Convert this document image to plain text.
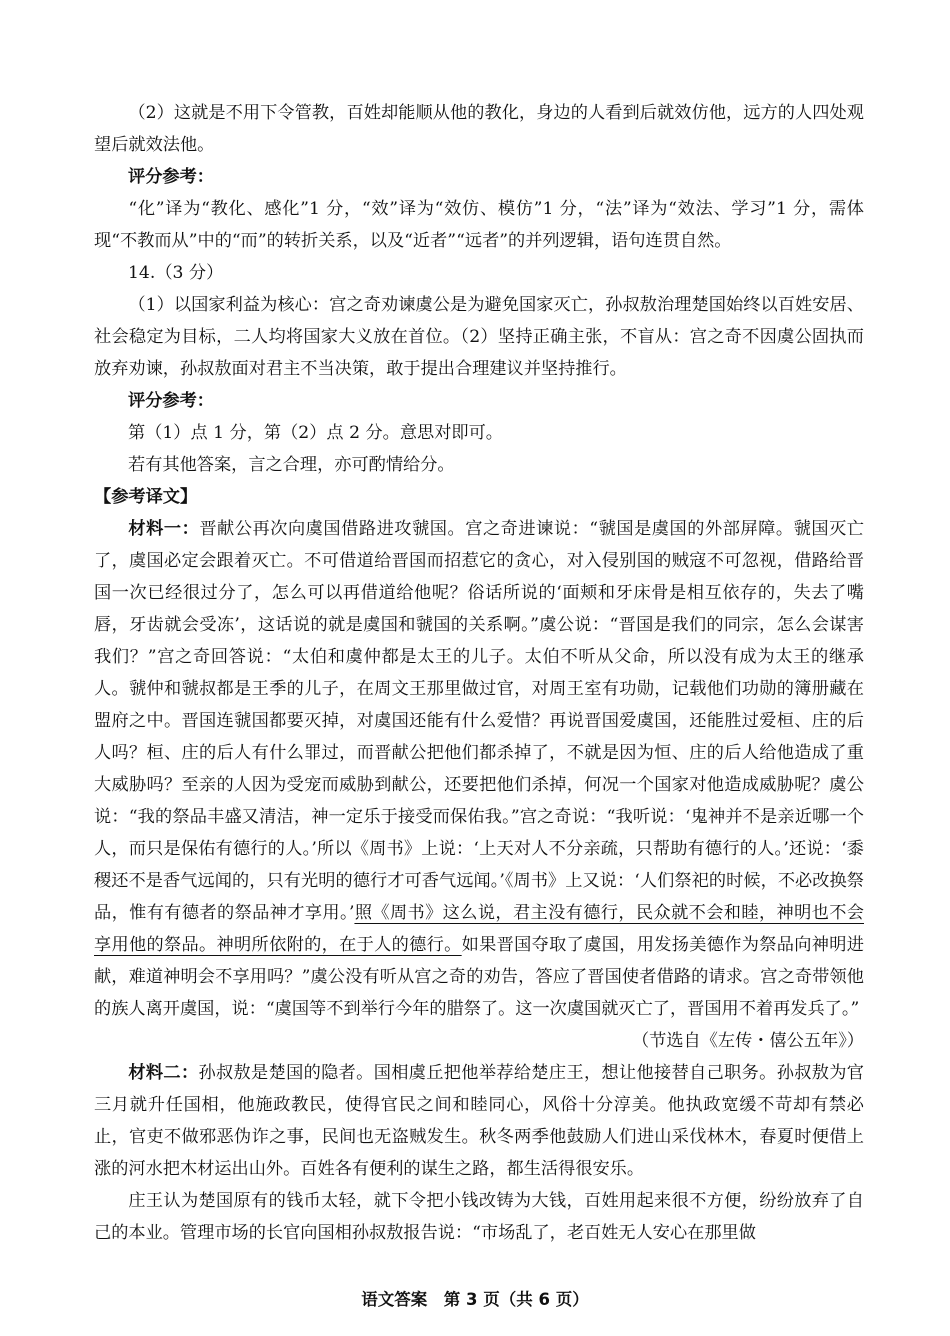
（2）这就是不用下令管教，百姓却能顺从他的教化，身边的人看到后就效仿他，远方的人四处观望后就效法他。

评分参考：

“化”译为“教化、感化”1 分，“效”译为“效仿、模仿”1 分，“法”译为“效法、学习”1 分，需体现“不教而从”中的“而”的转折关系，以及“近者”“远者”的并列逻辑，语句连贯自然。

14.（3 分）

（1）以国家利益为核心：宫之奇劝谏虞公是为避免国家灭亡，孙叔敖治理楚国始终以百姓安居、社会稳定为目标，二人均将国家大义放在首位。（2）坚持正确主张，不盲从：宫之奇不因虞公固执而放弃劝谏，孙叔敖面对君主不当决策，敢于提出合理建议并坚持推行。

评分参考：

第（1）点 1 分，第（2）点 2 分。意思对即可。

若有其他答案，言之合理，亦可酌情给分。

【参考译文】

材料一：晋献公再次向虞国借路进攻虢国。宫之奇进谏说：“虢国是虞国的外部屏障。虢国灭亡了，虞国必定会跟着灭亡。不可借道给晋国而招惹它的贪心，对入侵别国的贼寇不可忽视，借路给晋国一次已经很过分了，怎么可以再借道给他呢？俗话所说的‘面颊和牙床骨是相互依存的，失去了嘴唇，牙齿就会受冻’，这话说的就是虞国和虢国的关系啊。”虞公说：“晋国是我们的同宗，怎么会谋害我们？”宫之奇回答说：“太伯和虞仲都是太王的儿子。太伯不听从父命，所以没有成为太王的继承人。虢仲和虢叔都是王季的儿子，在周文王那里做过官，对周王室有功勋，记载他们功勋的簿册藏在盟府之中。晋国连虢国都要灭掉，对虞国还能有什么爱惜？再说晋国爱虞国，还能胜过爱桓、庄的后人吗？桓、庄的后人有什么罪过，而晋献公把他们都杀掉了，不就是因为恒、庄的后人给他造成了重大威胁吗？至亲的人因为受宠而威胁到献公，还要把他们杀掉，何况一个国家对他造成威胁呢？虞公说：“我的祭品丰盛又清洁，神一定乐于接受而保佑我。”宫之奇说：“我听说：‘鬼神并不是亲近哪一个人，而只是保佑有德行的人。’所以《周书》上说：‘上天对人不分亲疏，只帮助有德行的人。’还说：‘黍稷还不是香气远闻的，只有光明的德行才可香气远闻。’《周书》上又说：‘人们祭祀的时候，不必改换祭品，惟有有德者的祭品神才享用。’照《周书》这么说，君主没有德行，民众就不会和睦，神明也不会享用他的祭品。神明所依附的，在于人的德行。如果晋国夺取了虞国，用发扬美德作为祭品向神明进献，难道神明会不享用吗？”虞公没有听从宫之奇的劝告，答应了晋国使者借路的请求。宫之奇带领他的族人离开虞国，说：“虞国等不到举行今年的腊祭了。这一次虞国就灭亡了，晋国用不着再发兵了。”

（节选自《左传・僖公五年》）

材料二：孙叔敖是楚国的隐者。国相虞丘把他举荐给楚庄王，想让他接替自己职务。孙叔敖为官三月就升任国相，他施政教民，使得官民之间和睦同心，风俗十分淳美。他执政宽缓不苛却有禁必止，官吏不做邪恶伪诈之事，民间也无盗贼发生。秋冬两季他鼓励人们进山采伐林木，春夏时便借上涨的河水把木材运出山外。百姓各有便利的谋生之路，都生活得很安乐。

庄王认为楚国原有的钱币太轻，就下令把小钱改铸为大钱，百姓用起来很不方便，纷纷放弃了自己的本业。管理市场的长官向国相孙叔敖报告说：“市场乱了，老百姓无人安心在那里做

语文答案　第 3 页（共 6 页）
